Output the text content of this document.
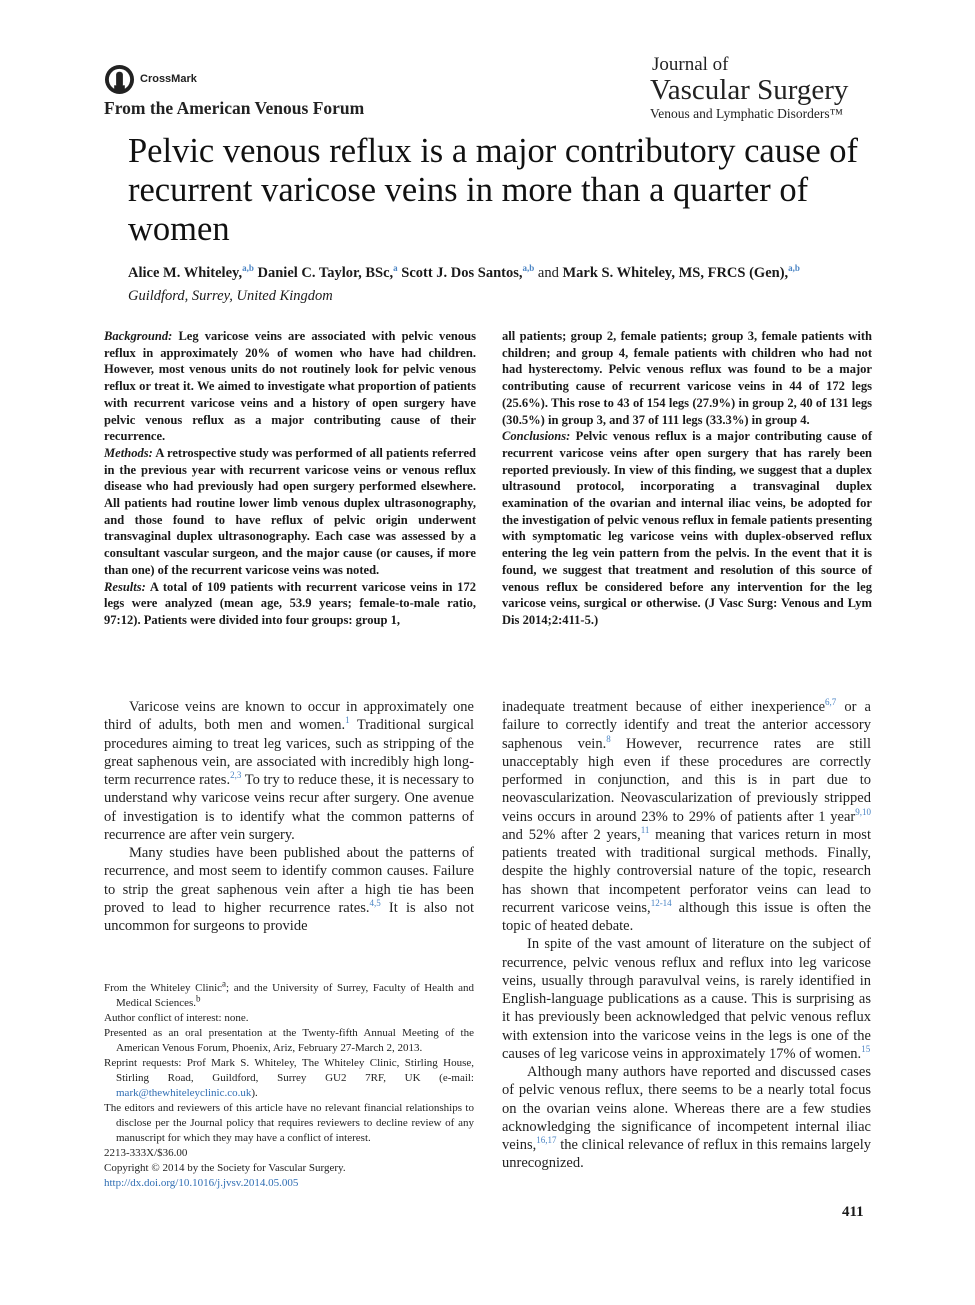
CrossMark
From the American Venous Forum
Journal of
Vascular Surgery
Venous and Lymphatic Disorders™
Pelvic venous reflux is a major contributory cause of recurrent varicose veins in more than a quarter of women
Alice M. Whiteley,$^{a,b}$ Daniel C. Taylor, BSc,$^a$ Scott J. Dos Santos,$^{a,b}$ and Mark S. Whiteley, MS, FRCS (Gen),$^{a,b}$
Guildford, Surrey, United Kingdom
Background: Leg varicose veins are associated with pelvic venous reflux in approximately 20% of women who have had children. However, most venous units do not routinely look for pelvic venous reflux or treat it. We aimed to investigate what proportion of patients with recurrent varicose veins and a history of open surgery have pelvic venous reflux as a major contributing cause of their recurrence.
Methods: A retrospective study was performed of all patients referred in the previous year with recurrent varicose veins or venous reflux disease who had previously had open surgery performed elsewhere. All patients had routine lower limb venous duplex ultrasonography, and those found to have reflux of pelvic origin underwent transvaginal duplex ultrasonography. Each case was assessed by a consultant vascular surgeon, and the major cause (or causes, if more than one) of the recurrent varicose veins was noted.
Results: A total of 109 patients with recurrent varicose veins in 172 legs were analyzed (mean age, 53.9 years; female-to-male ratio, 97:12). Patients were divided into four groups: group 1,
all patients; group 2, female patients; group 3, female patients with children; and group 4, female patients with children who had not had hysterectomy. Pelvic venous reflux was found to be a major contributing cause of recurrent varicose veins in 44 of 172 legs (25.6%). This rose to 43 of 154 legs (27.9%) in group 2, 40 of 131 legs (30.5%) in group 3, and 37 of 111 legs (33.3%) in group 4.
Conclusions: Pelvic venous reflux is a major contributing cause of recurrent varicose veins after open surgery that has rarely been reported previously. In view of this finding, we suggest that a duplex ultrasound protocol, incorporating a transvaginal duplex examination of the ovarian and internal iliac veins, be adopted for the investigation of pelvic venous reflux in female patients presenting with symptomatic leg varicose veins with duplex-observed reflux entering the leg vein pattern from the pelvis. In the event that it is found, we suggest that treatment and resolution of this source of venous reflux be considered before any intervention for the leg varicose veins, surgical or otherwise. (J Vasc Surg: Venous and Lym Dis 2014;2:411-5.)

Varicose veins are known to occur in approximately one third of adults, both men and women.$^1$ Traditional surgical procedures aiming to treat leg varices, such as stripping of the great saphenous vein, are associated with incredibly high long-term recurrence rates.$^{2,3}$ To try to reduce these, it is necessary to understand why varicose veins recur after surgery. One avenue of investigation is to identify what the common patterns of recurrence are after vein surgery.

Many studies have been published about the patterns of recurrence, and most seem to identify common causes. Failure to strip the great saphenous vein after a high tie has been proved to lead to higher recurrence rates.$^{4,5}$ It is also not uncommon for surgeons to provide

inadequate treatment because of either inexperience$^{6,7}$ or a failure to correctly identify and treat the anterior accessory saphenous vein.$^8$ However, recurrence rates are still unacceptably high even if these procedures are correctly performed in conjunction, and this is in part due to neovascularization. Neovascularization of previously stripped veins occurs in around 23% to 29% of patients after 1 year$^{9,10}$ and 52% after 2 years,$^{11}$ meaning that varices return in most patients treated with traditional surgical methods. Finally, despite the highly controversial nature of the topic, research has shown that incompetent perforator veins can lead to recurrent varicose veins,$^{12-14}$ although this issue is often the topic of heated debate.

In spite of the vast amount of literature on the subject of recurrence, pelvic venous reflux and reflux into leg varicose veins, usually through paravulval veins, is rarely identified in English-language publications as a cause. This is surprising as it has previously been acknowledged that pelvic venous reflux with extension into the varicose veins in the legs is one of the causes of leg varicose veins in approximately 17% of women.$^{15}$

Although many authors have reported and discussed cases of pelvic venous reflux, there seems to be a nearly total focus on the ovarian veins alone. Whereas there are a few studies acknowledging the significance of incompetent internal iliac veins,$^{16,17}$ the clinical relevance of reflux in this remains largely unrecognized.

From the Whiteley Clinic$^a$; and the University of Surrey, Faculty of Health and Medical Sciences.$^b$

Author conflict of interest: none.

Presented as an oral presentation at the Twenty-fifth Annual Meeting of the American Venous Forum, Phoenix, Ariz, February 27-March 2, 2013.

Reprint requests: Prof Mark S. Whiteley, The Whiteley Clinic, Stirling House, Stirling Road, Guildford, Surrey GU2 7RF, UK (e-mail: mark@thewhiteleyclinic.co.uk).

The editors and reviewers of this article have no relevant financial relationships to disclose per the Journal policy that requires reviewers to decline review of any manuscript for which they may have a conflict of interest.

2213-333X/$36.00

Copyright © 2014 by the Society for Vascular Surgery.

http://dx.doi.org/10.1016/j.jvsv.2014.05.005

411
